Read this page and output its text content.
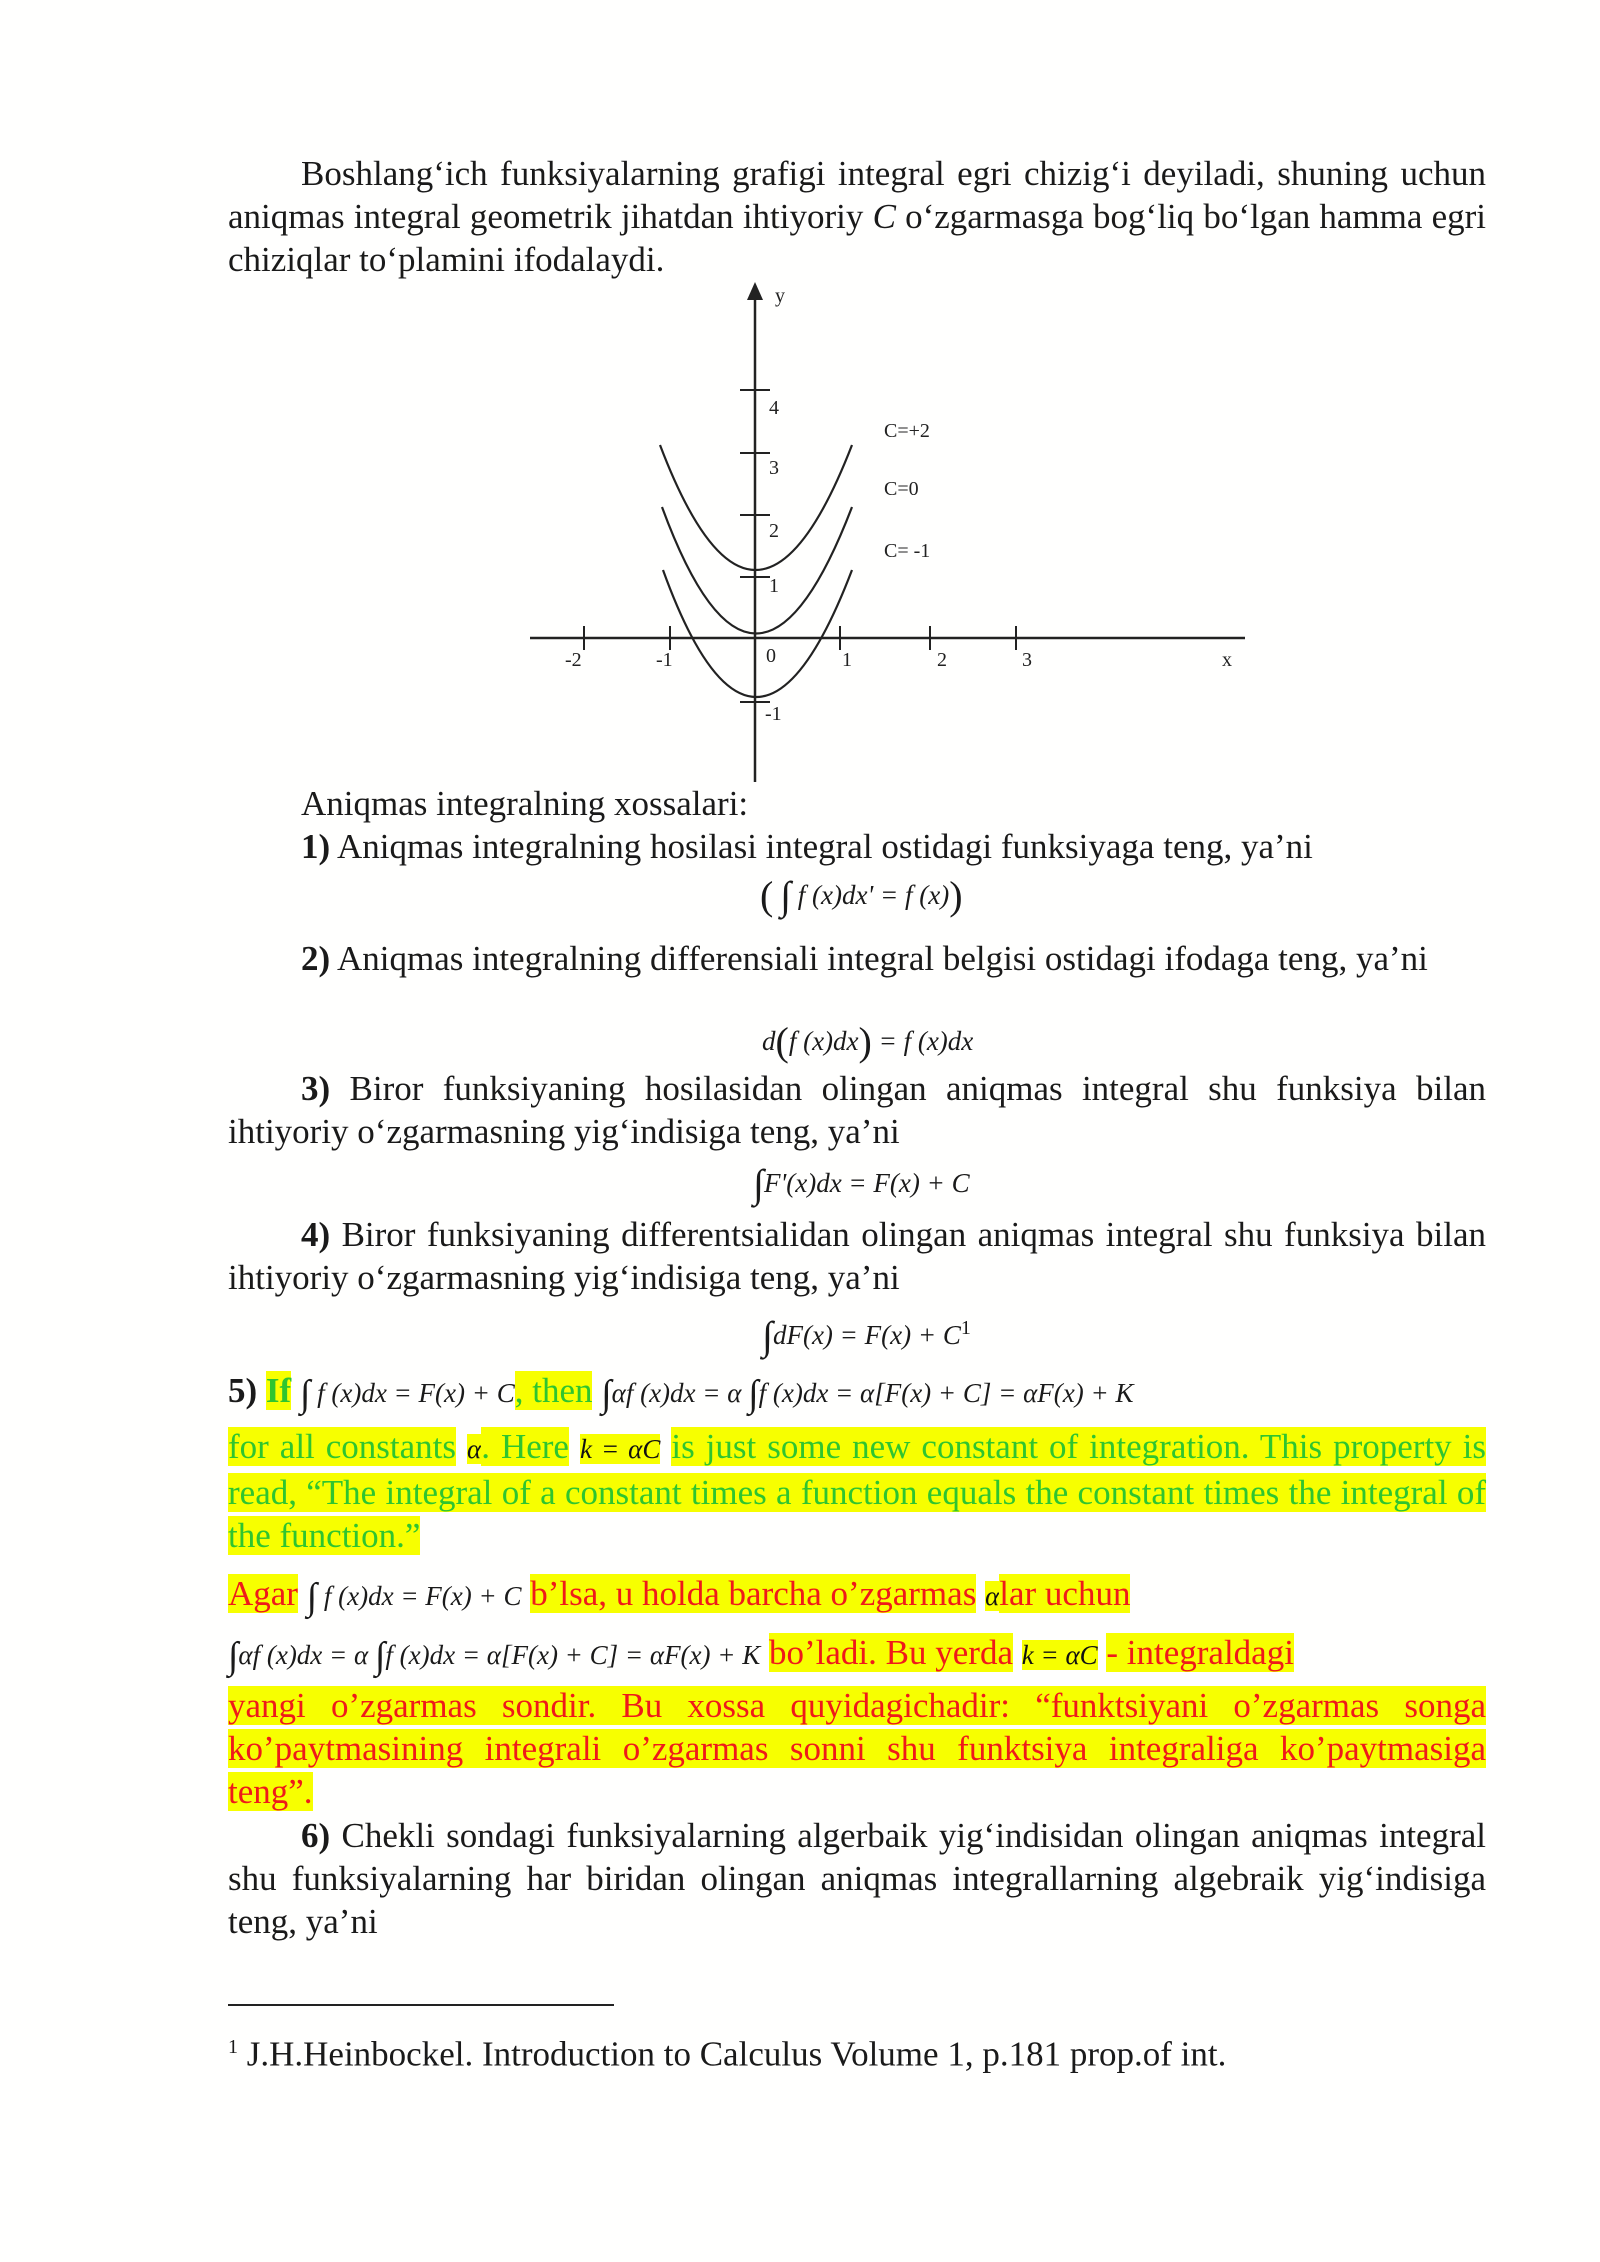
Boshlang‘ich funksiyalarning grafigi integral egri chizig‘i deyiladi, shuning uchun aniqmas integral geometrik jihatdan ihtiyoriy C o‘zgarmasga bog‘liq bo‘lgan hamma egri chiziqlar to‘plamini ifodalaydi.

y
x
4
3
2
1
0
-1
-2	-1	1	2	3
C=+2
C=0
C= -1

Aniqmas integralning xossalari:

1) Aniqmas integralning hosilasi integral ostidagi funksiyaga teng, ya’ni

( ∫ f (x)dx' = f (x))

2) Aniqmas integralning differensiali integral belgisi ostidagi ifodaga teng, ya’ni

d(f (x)dx) = f (x)dx

3) Biror funksiyaning hosilasidan olingan aniqmas integral shu funksiya bilan ihtiyoriy o‘zgarmasning yig‘indisiga teng, ya’ni

∫F'(x)dx = F(x) + C

4) Biror funksiyaning differentsialidan olingan aniqmas integral shu funksiya bilan ihtiyoriy o‘zgarmasning yig‘indisiga teng, ya’ni

$\int dF(x) = F(x) + C^1$

5) If ∫ f (x)dx = F(x) + C, then ∫αf (x)dx = α ∫f (x)dx = α[F(x) + C] = αF(x) + K

for all constants α. Here k = αC is just some new constant of integration. This property is read, “The integral of a constant times a function equals the constant times the integral of the function.”

Agar ∫ f (x)dx = F(x) + C b’lsa, u holda barcha o’zgarmas αlar uchun

∫αf (x)dx = α ∫f (x)dx = α[F(x) + C] = αF(x) + K bo’ladi. Bu yerda k = αC - integraldagi

yangi o’zgarmas sondir. Bu xossa quyidagichadir: “funktsiyani o’zgarmas songa ko’paytmasining integrali o’zgarmas sonni shu funktsiya integraliga ko’paytmasiga teng”.

6) Chekli sondagi funksiyalarning algerbaik yig‘indisidan olingan aniqmas integral shu funksiyalarning har biridan olingan aniqmas integrallarning algebraik yig‘indisiga teng, ya’ni

$^1$ J.H.Heinbockel. Introduction to Calculus Volume 1, p.181 prop.of int.
